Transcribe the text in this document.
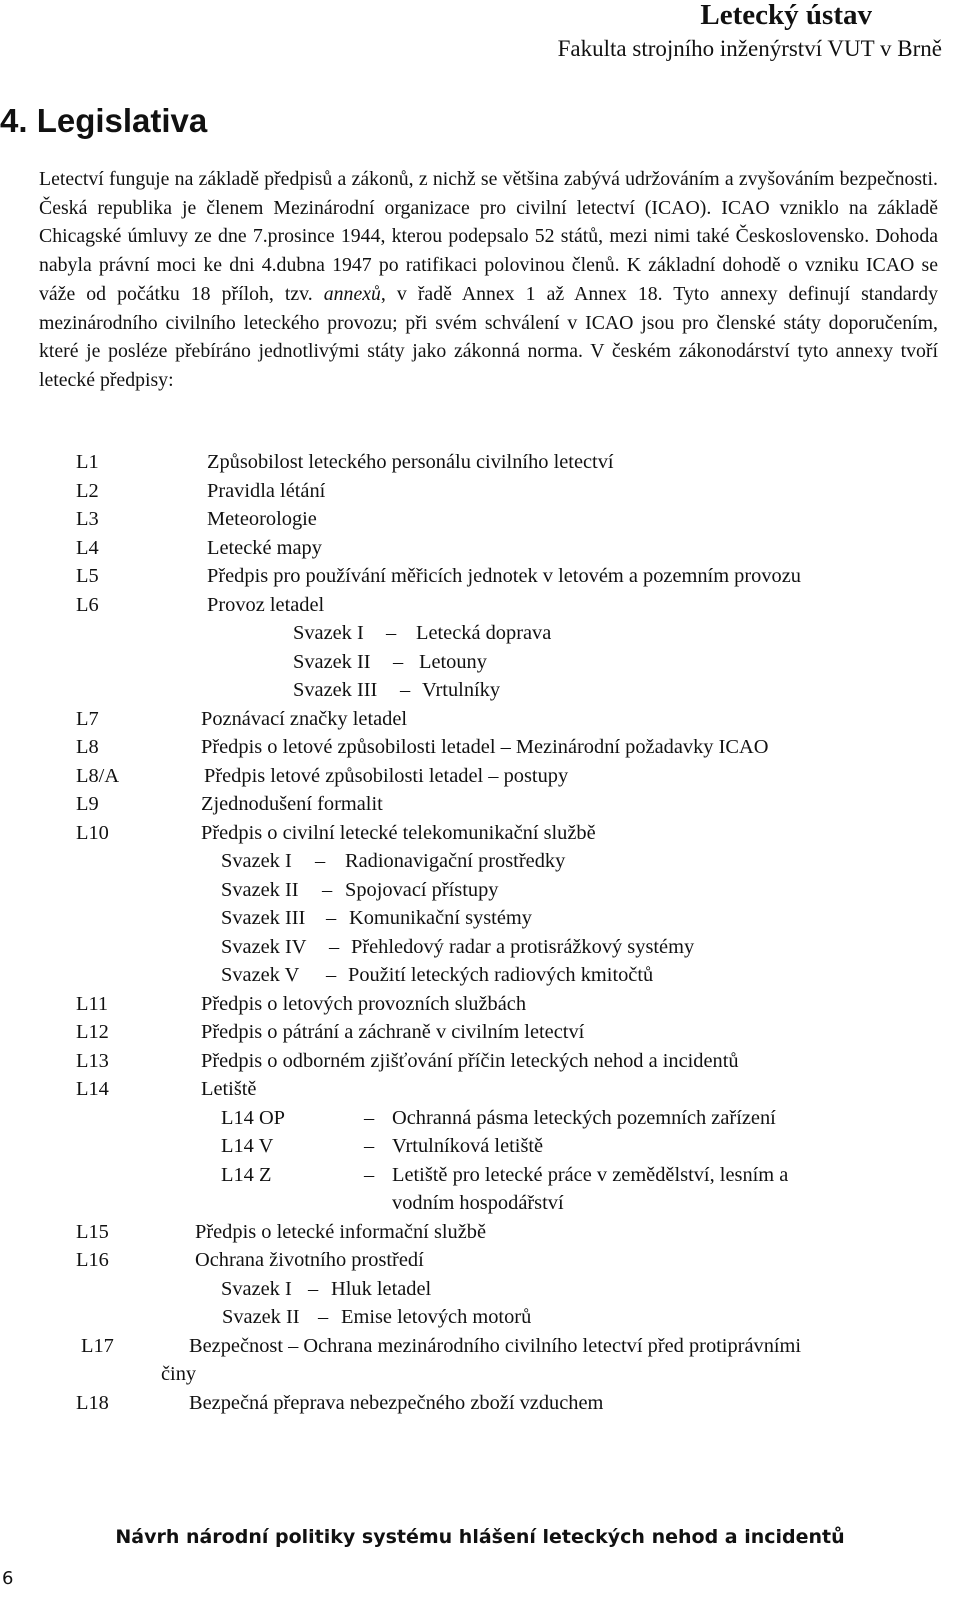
Letecký ústav
Fakulta strojního inženýrství VUT v Brně
4. Legislativa

Letectví funguje na základě předpisů a zákonů, z nichž se většina zabývá udržováním a zvyšováním bezpečnosti. Česká republika je členem Mezinárodní organizace pro civilní letectví (ICAO). ICAO vzniklo na základě Chicagské úmluvy ze dne 7.prosince 1944, kterou podepsalo 52 států, mezi nimi také Československo. Dohoda nabyla právní moci ke dni 4.dubna 1947 po ratifikaci polovinou členů. K základní dohodě o vzniku ICAO se váže od počátku 18 příloh, tzv. annexů, v řadě Annex 1 až Annex 18. Tyto annexy definují standardy mezinárodního civilního leteckého provozu; při svém schválení v ICAO jsou pro členské státy doporučením, které je posléze přebíráno jednotlivými státy jako zákonná norma. V českém zákonodárství tyto annexy tvoří letecké předpisy:

L1	Způsobilost leteckého personálu civilního letectví
L2	Pravidla létání
L3	Meteorologie
L4	Letecké mapy
L5	Předpis pro používání měřicích jednotek v letovém a pozemním provozu
L6	Provoz letadel
Svazek I – Letecká doprava
Svazek II – Letouny
Svazek III – Vrtulníky
L7	Poznávací značky letadel
L8	Předpis o letové způsobilosti letadel – Mezinárodní požadavky ICAO
L8/A	Předpis letové způsobilosti letadel – postupy
L9	Zjednodušení formalit
L10	Předpis o civilní letecké telekomunikační službě
Svazek I – Radionavigační prostředky
Svazek II – Spojovací přístupy
Svazek III – Komunikační systémy
Svazek IV – Přehledový radar a protisrážkový systémy
Svazek V – Použití leteckých radiových kmitočtů
L11	Předpis o letových provozních službách
L12	Předpis o pátrání a záchraně v civilním letectví
L13	Předpis o odborném zjišťování příčin leteckých nehod a incidentů
L14	Letiště
L14 OP	– Ochranná pásma leteckých pozemních zařízení
L14 V	– Vrtulníková letiště
L14 Z	– Letiště pro letecké práce v zemědělství, lesním a
vodním hospodářství
L15	Předpis o letecké informační službě
L16	Ochrana životního prostředí
Svazek I – Hluk letadel
Svazek II – Emise letových motorů
L17	Bezpečnost – Ochrana mezinárodního civilního letectví před protiprávními
činy
L18	Bezpečná přeprava nebezpečného zboží vzduchem
Návrh národní politiky systému hlášení leteckých nehod a incidentů
6
